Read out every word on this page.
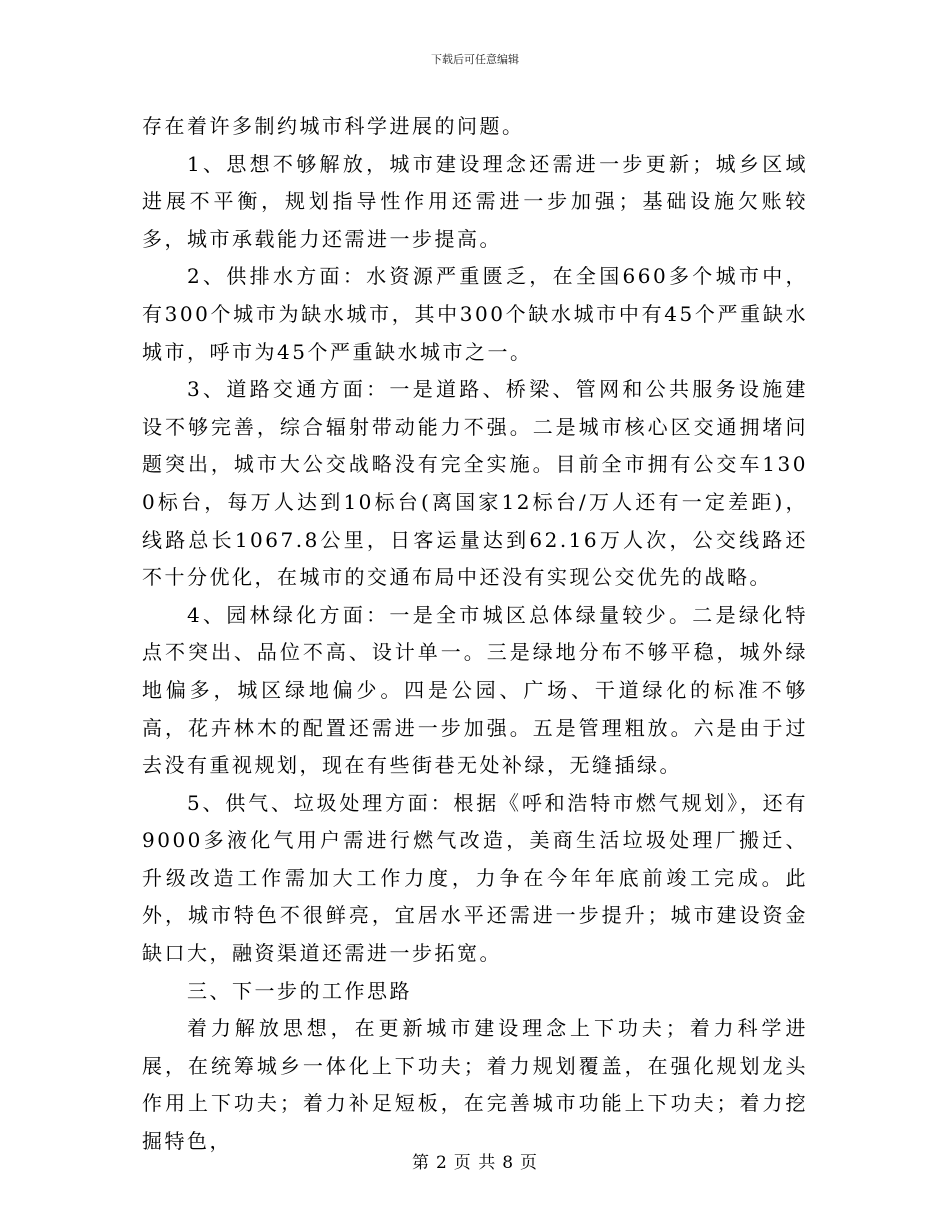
下载后可任意编辑

存在着许多制约城市科学进展的问题。

1、思想不够解放，城市建设理念还需进一步更新；城乡区域进展不平衡，规划指导性作用还需进一步加强；基础设施欠账较多，城市承载能力还需进一步提高。

2、供排水方面：水资源严重匮乏，在全国660多个城市中，有300个城市为缺水城市，其中300个缺水城市中有45个严重缺水城市，呼市为45个严重缺水城市之一。

3、道路交通方面：一是道路、桥梁、管网和公共服务设施建设不够完善，综合辐射带动能力不强。二是城市核心区交通拥堵问题突出，城市大公交战略没有完全实施。目前全市拥有公交车1300标台，每万人达到10标台(离国家12标台/万人还有一定差距)，线路总长1067.8公里，日客运量达到62.16万人次，公交线路还不十分优化，在城市的交通布局中还没有实现公交优先的战略。

4、园林绿化方面：一是全市城区总体绿量较少。二是绿化特点不突出、品位不高、设计单一。三是绿地分布不够平稳，城外绿地偏多，城区绿地偏少。四是公园、广场、干道绿化的标准不够高，花卉林木的配置还需进一步加强。五是管理粗放。六是由于过去没有重视规划，现在有些街巷无处补绿，无缝插绿。

5、供气、垃圾处理方面：根据《呼和浩特市燃气规划》，还有9000多液化气用户需进行燃气改造，美商生活垃圾处理厂搬迁、升级改造工作需加大工作力度，力争在今年年底前竣工完成。此外，城市特色不很鲜亮，宜居水平还需进一步提升；城市建设资金缺口大，融资渠道还需进一步拓宽。

三、下一步的工作思路

着力解放思想，在更新城市建设理念上下功夫；着力科学进展，在统筹城乡一体化上下功夫；着力规划覆盖，在强化规划龙头作用上下功夫；着力补足短板，在完善城市功能上下功夫；着力挖掘特色，

第 2 页 共 8 页
